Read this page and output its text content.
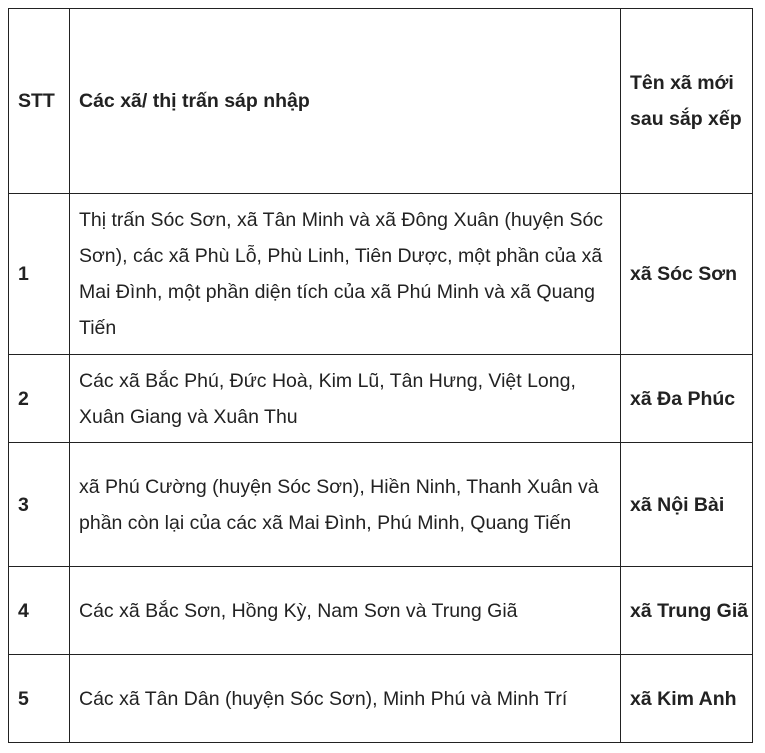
STT	Các xã/ thị trấn sáp nhập	Tên xã mới sau sắp xếp
1	Thị trấn Sóc Sơn, xã Tân Minh và xã Đông Xuân (huyện Sóc Sơn), các xã Phù Lỗ, Phù Linh, Tiên Dược, một phần của xã Mai Đình, một phần diện tích của xã Phú Minh và xã Quang Tiến	xã Sóc Sơn
2	Các xã Bắc Phú, Đức Hoà, Kim Lũ, Tân Hưng, Việt Long, Xuân Giang và Xuân Thu	xã Đa Phúc
3	xã Phú Cường (huyện Sóc Sơn), Hiền Ninh, Thanh Xuân và phần còn lại của các xã Mai Đình, Phú Minh, Quang Tiến	xã Nội Bài
4	Các xã Bắc Sơn, Hồng Kỳ, Nam Sơn và Trung Giã	xã Trung Giã
5	Các xã Tân Dân (huyện Sóc Sơn), Minh Phú và Minh Trí	xã Kim Anh
